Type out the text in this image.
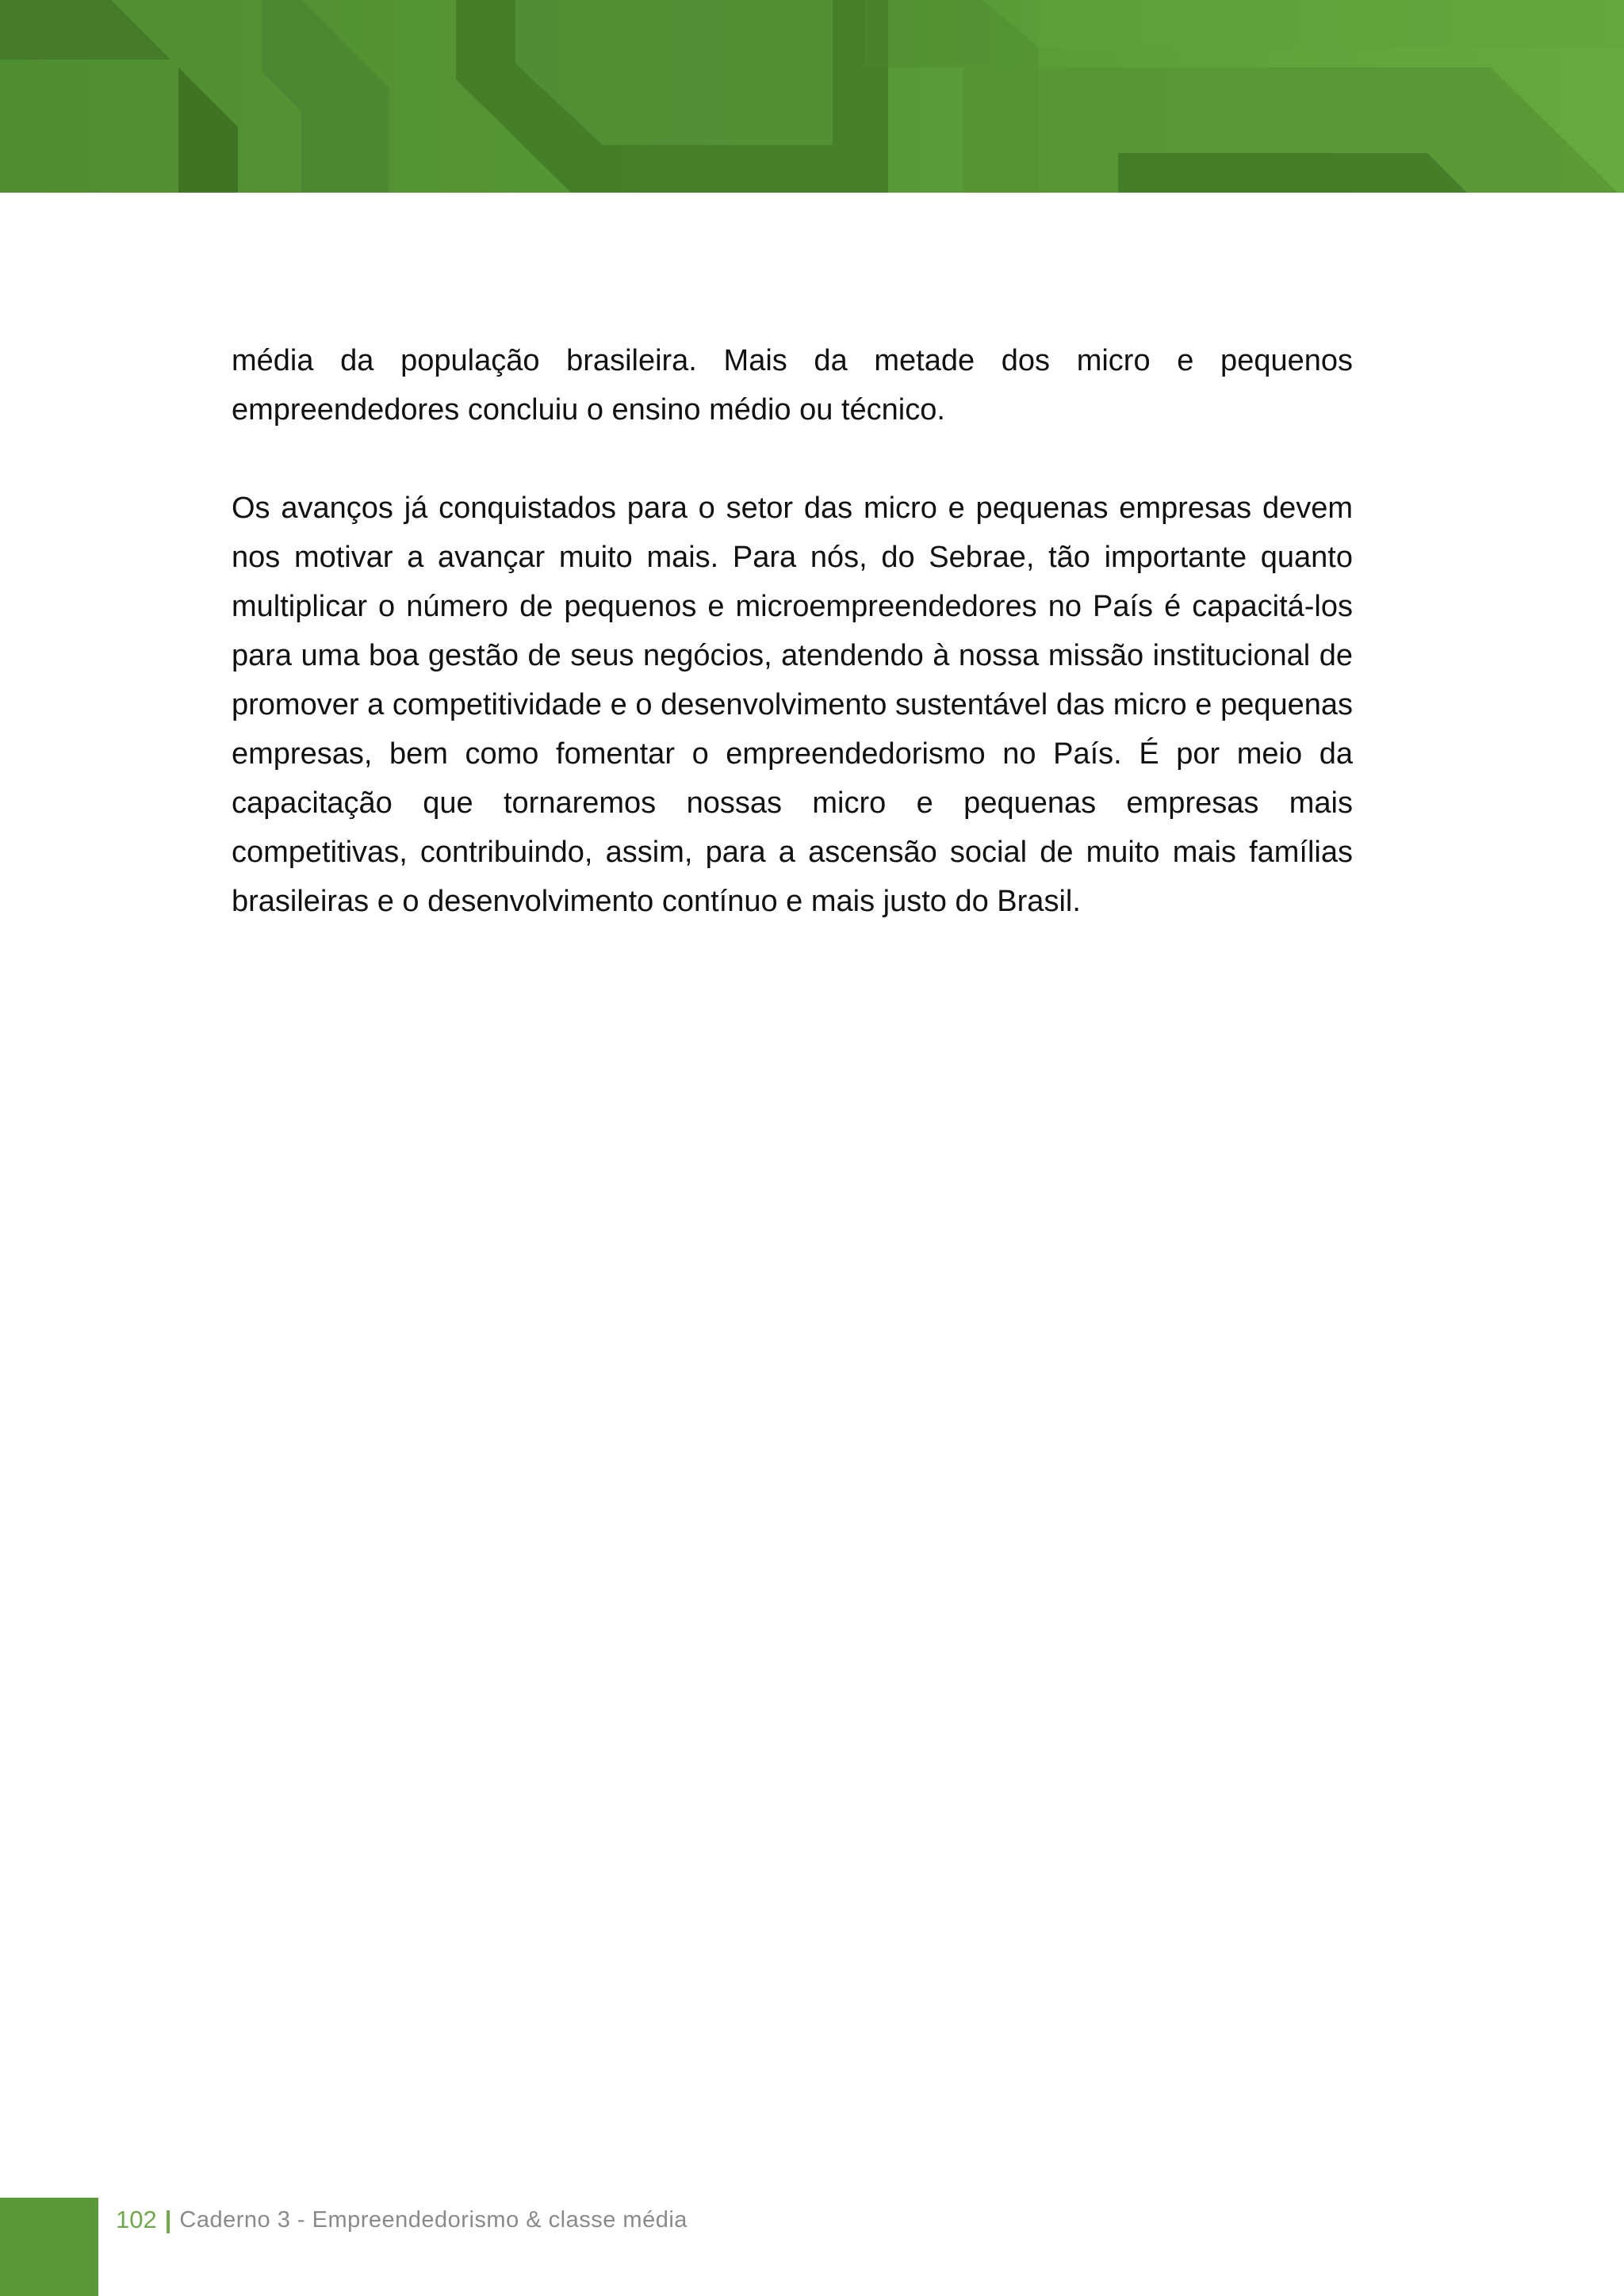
média da população brasileira. Mais da metade dos micro e pequenos empreendedores concluiu o ensino médio ou técnico.

Os avanços já conquistados para o setor das micro e pequenas empresas devem nos motivar a avançar muito mais. Para nós, do Sebrae, tão importante quanto multiplicar o número de pequenos e microempreendedores no País é capacitá-los para uma boa gestão de seus negócios, atendendo à nossa missão institucional de promover a competitividade e o desenvolvimento sustentável das micro e pequenas empresas, bem como fomentar o empreendedorismo no País. É por meio da capacitação que tornaremos nossas micro e pequenas empresas mais competitivas, contribuindo, assim, para a ascensão social de muito mais famílias brasileiras e o desenvolvimento contínuo e mais justo do Brasil.

102 | Caderno 3 - Empreendedorismo & classe média
